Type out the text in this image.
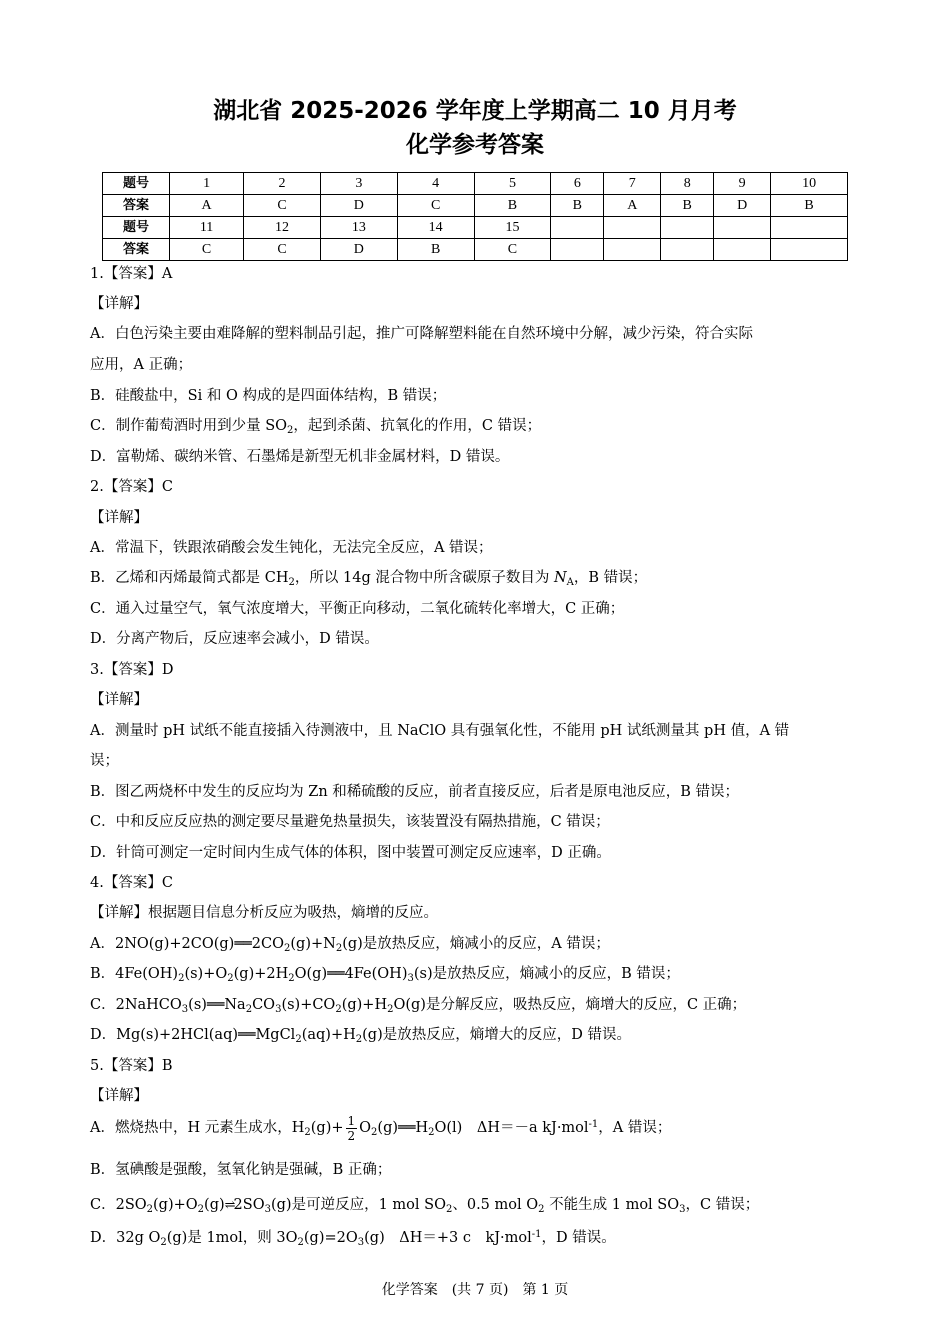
湖北省 2025-2026 学年度上学期高二 10 月月考
化学参考答案
题号	1	2	3	4	5	6	7	8	9	10
答案	A	C	D	C	B	B	A	B	D	B
题号	11	12	13	14	15					
答案	C	C	D	B	C					
1.【答案】A
【详解】
A．白色污染主要由难降解的塑料制品引起，推广可降解塑料能在自然环境中分解，减少污染，符合实际
应用，A 正确；
B．硅酸盐中，Si 和 O 构成的是四面体结构，B 错误；
C．制作葡萄酒时用到少量 $SO_2$，起到杀菌、抗氧化的作用，C 错误；
D．富勒烯、碳纳米管、石墨烯是新型无机非金属材料，D 错误。
2.【答案】C
【详解】
A．常温下，铁跟浓硝酸会发生钝化，无法完全反应，A 错误；
B．乙烯和丙烯最简式都是 $CH_2$，所以 14g 混合物中所含碳原子数目为 $N_A$，B 错误；
C．通入过量空气，氧气浓度增大，平衡正向移动，二氧化硫转化率增大，C 正确；
D．分离产物后，反应速率会减小，D 错误。
3.【答案】D
【详解】
A．测量时 pH 试纸不能直接插入待测液中，且 NaClO 具有强氧化性，不能用 pH 试纸测量其 pH 值，A 错
误；
B．图乙两烧杯中发生的反应均为 Zn 和稀硫酸的反应，前者直接反应，后者是原电池反应，B 错误；
C．中和反应反应热的测定要尽量避免热量损失，该装置没有隔热措施，C 错误；
D．针筒可测定一定时间内生成气体的体积，图中装置可测定反应速率，D 正确。
4.【答案】C
【详解】根据题目信息分析反应为吸热，熵增的反应。
A．$2NO(g)+2CO(g)══2CO_2(g)+N_2(g)$是放热反应，熵减小的反应，A 错误；
B．$4Fe(OH)_2(s)+O_2(g)+2H_2O(g)══4Fe(OH)_3(s)$是放热反应，熵减小的反应，B 错误；
C．$2NaHCO_3(s)══Na_2CO_3(s)+CO_2(g)+H_2O(g)$是分解反应，吸热反应，熵增大的反应，C 正确；
D．$Mg(s)+2HCl(aq)══MgCl_2(aq)+H_2(g)$是放热反应，熵增大的反应，D 错误。
5.【答案】B
【详解】
A．燃烧热中，H 元素生成水，$H_2(g)+ \frac{1}{2}$ $O_2(g)══H_2O(l)$　ΔH＝－a kJ·mol$^{-1}$，A 错误；
B．氢碘酸是强酸，氢氧化钠是强碱，B 正确；
C．$2SO_2(g)+O_2(g)\rightleftharpoons 2SO_3(g)$是可逆反应，1 mol $SO_2$、0.5 mol $O_2$ 不能生成 1 mol $SO_3$，C 错误；
D．32g $O_2(g)$是 1mol，则 $3O_2(g)=2O_3(g)$　ΔH＝+3 c　kJ·mol$^{-1}$，D 错误。
化学答案　(共 7 页)　第 1 页
